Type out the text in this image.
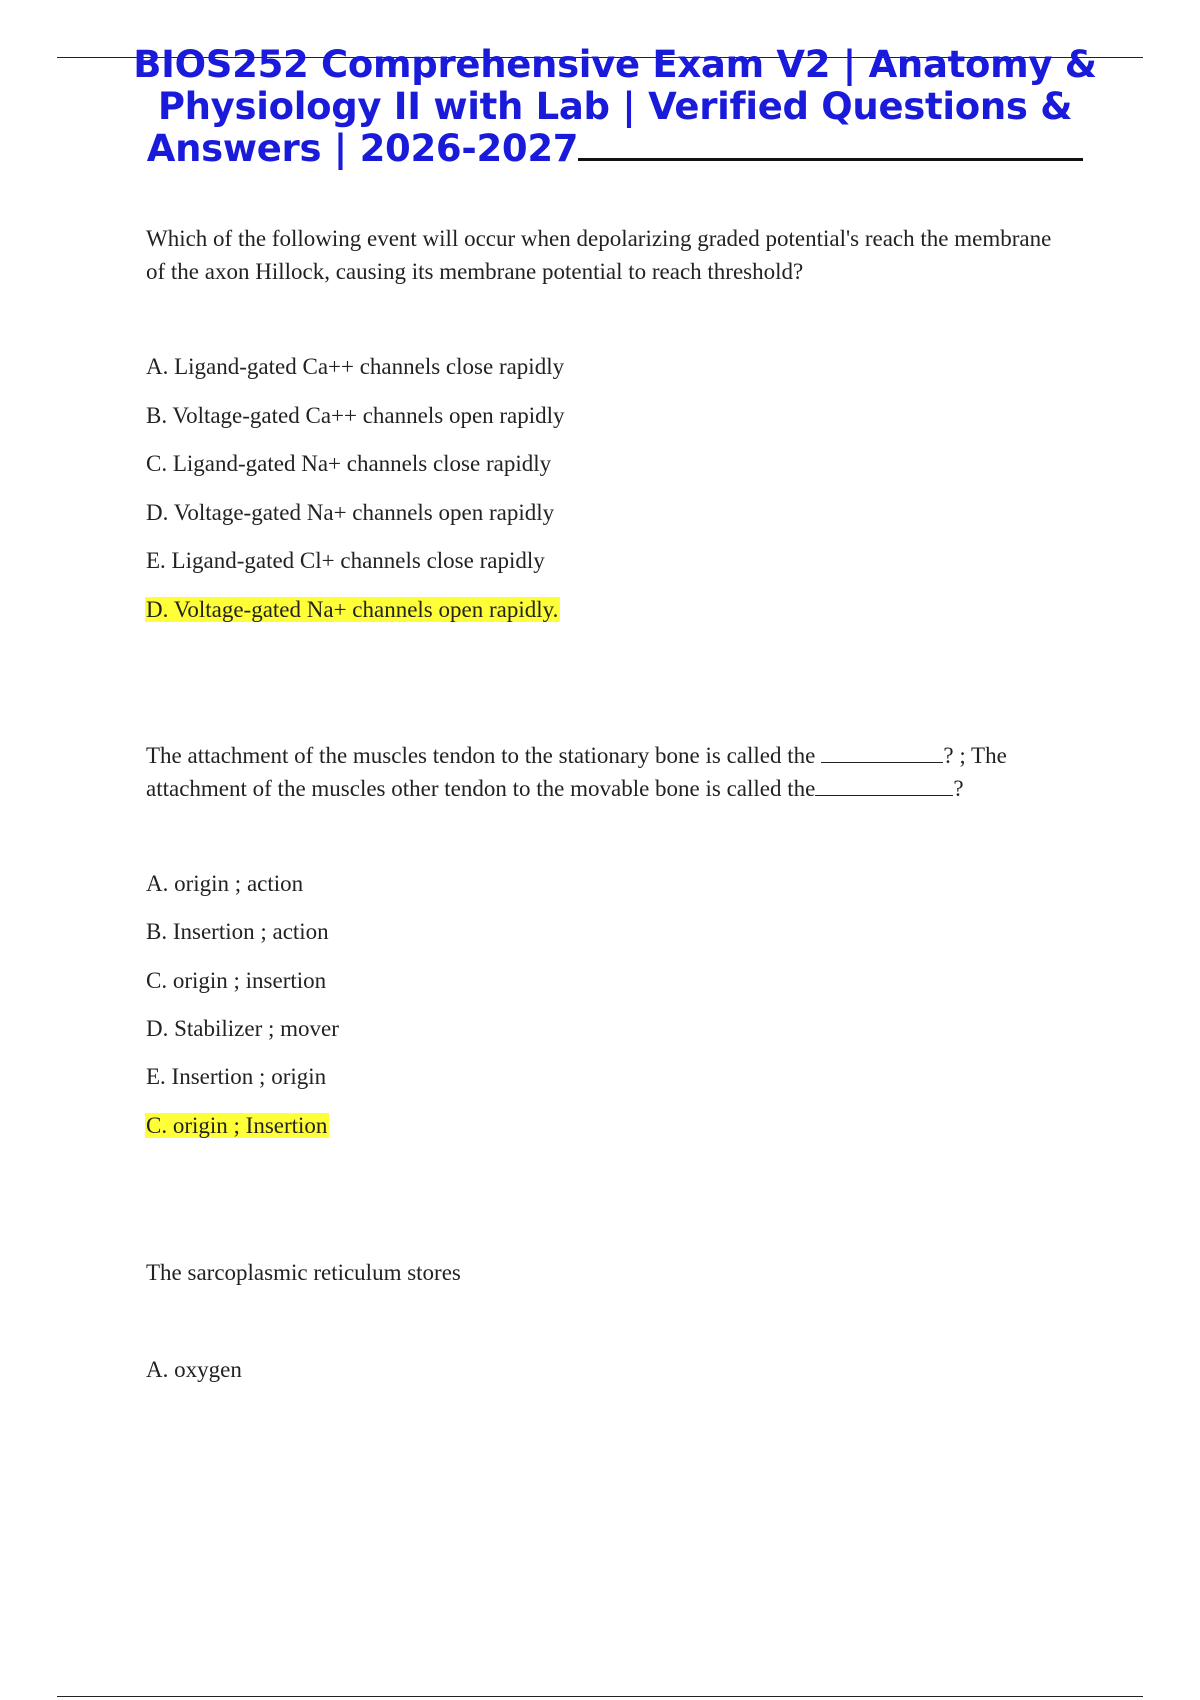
BIOS252 Comprehensive Exam V2 | Anatomy & Physiology II with Lab | Verified Questions & Answers | 2026-2027

Which of the following event will occur when depolarizing graded potential's reach the membrane of the axon Hillock, causing its membrane potential to reach threshold?

A. Ligand-gated Ca++ channels close rapidly

B. Voltage-gated Ca++ channels open rapidly

C. Ligand-gated Na+ channels close rapidly

D. Voltage-gated Na+ channels open rapidly

E. Ligand-gated Cl+ channels close rapidly

D. Voltage-gated Na+ channels open rapidly.

The attachment of the muscles tendon to the stationary bone is called the	? ; The attachment of the muscles other tendon to the movable bone is called the	?

A. origin ; action

B. Insertion ; action

C. origin ; insertion

D. Stabilizer ; mover

E. Insertion ; origin

C. origin ; Insertion

The sarcoplasmic reticulum stores

A. oxygen
